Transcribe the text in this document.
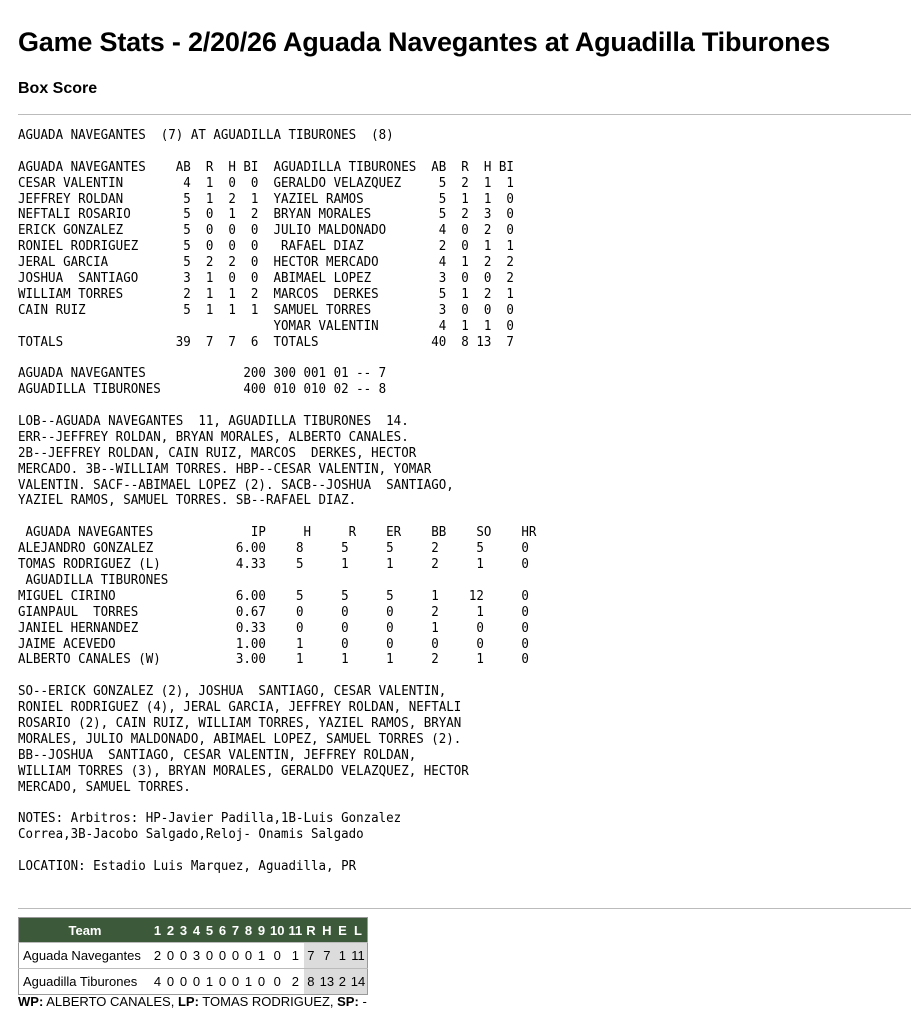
Game Stats - 2/20/26 Aguada Navegantes at Aguadilla Tiburones
Box Score
AGUADA NAVEGANTES  (7) AT AGUADILLA TIBURONES  (8)
AGUADA NAVEGANTES    AB  R  H BI  AGUADILLA TIBURONES  AB  R  H BI
CESAR VALENTIN        4  1  0  0  GERALDO VELAZQUEZ     5  2  1  1
JEFFREY ROLDAN        5  1  2  1  YAZIEL RAMOS          5  1  1  0
NEFTALI ROSARIO       5  0  1  2  BRYAN MORALES         5  2  3  0
ERICK GONZALEZ        5  0  0  0  JULIO MALDONADO       4  0  2  0
RONIEL RODRIGUEZ      5  0  0  0   RAFAEL DIAZ          2  0  1  1
JERAL GARCIA          5  2  2  0  HECTOR MERCADO        4  1  2  2
JOSHUA  SANTIAGO      3  1  0  0  ABIMAEL LOPEZ         3  0  0  2
WILLIAM TORRES        2  1  1  2  MARCOS  DERKES        5  1  2  1
CAIN RUIZ             5  1  1  1  SAMUEL TORRES         3  0  0  0
YOMAR VALENTIN        4  1  1  0
TOTALS               39  7  7  6  TOTALS               40  8 13  7
AGUADA NAVEGANTES             200 300 001 01 -- 7
AGUADILLA TIBURONES           400 010 010 02 -- 8
LOB--AGUADA NAVEGANTES  11, AGUADILLA TIBURONES  14.
ERR--JEFFREY ROLDAN, BRYAN MORALES, ALBERTO CANALES.
2B--JEFFREY ROLDAN, CAIN RUIZ, MARCOS  DERKES, HECTOR
MERCADO. 3B--WILLIAM TORRES. HBP--CESAR VALENTIN, YOMAR
VALENTIN. SACF--ABIMAEL LOPEZ (2). SACB--JOSHUA  SANTIAGO,
YAZIEL RAMOS, SAMUEL TORRES. SB--RAFAEL DIAZ.
AGUADA NAVEGANTES             IP     H     R    ER    BB    SO    HR
ALEJANDRO GONZALEZ           6.00    8     5     5     2     5     0
TOMAS RODRIGUEZ (L)          4.33    5     1     1     2     1     0
AGUADILLA TIBURONES
MIGUEL CIRINO                6.00    5     5     5     1    12     0
GIANPAUL  TORRES             0.67    0     0     0     2     1     0
JANIEL HERNANDEZ             0.33    0     0     0     1     0     0
JAIME ACEVEDO                1.00    1     0     0     0     0     0
ALBERTO CANALES (W)          3.00    1     1     1     2     1     0
SO--ERICK GONZALEZ (2), JOSHUA  SANTIAGO, CESAR VALENTIN,
RONIEL RODRIGUEZ (4), JERAL GARCIA, JEFFREY ROLDAN, NEFTALI
ROSARIO (2), CAIN RUIZ, WILLIAM TORRES, YAZIEL RAMOS, BRYAN
MORALES, JULIO MALDONADO, ABIMAEL LOPEZ, SAMUEL TORRES (2).
BB--JOSHUA  SANTIAGO, CESAR VALENTIN, JEFFREY ROLDAN,
WILLIAM TORRES (3), BRYAN MORALES, GERALDO VELAZQUEZ, HECTOR
MERCADO, SAMUEL TORRES.
NOTES: Arbitros: HP-Javier Padilla,1B-Luis Gonzalez
Correa,3B-Jacobo Salgado,Reloj- Onamis Salgado
LOCATION: Estadio Luis Marquez, Aguadilla, PR
Team	1	2	3	4	5	6	7	8	9	10	11	R	H	E	L
Aguada Navegantes	2	0	0	3	0	0	0	0	1	0	1	7	7	1	11
Aguadilla Tiburones	4	0	0	0	1	0	0	1	0	0	2	8	13	2	14
WP: ALBERTO CANALES, LP: TOMAS RODRIGUEZ, SP: -
